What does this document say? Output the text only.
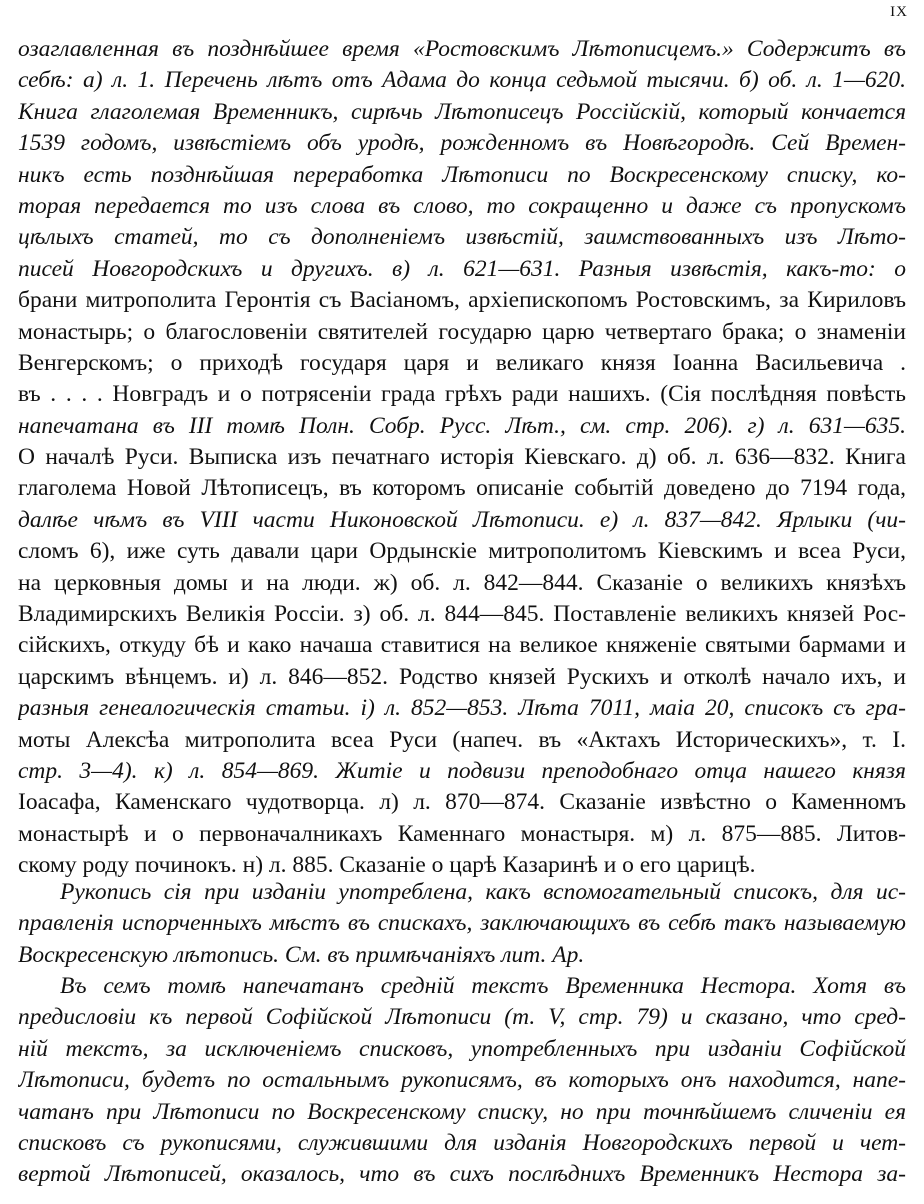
IX
озаглавленная въ позднѣйшее время «Ростовскимъ Лѣтописцемъ.» Содержитъ въ
себѣ: а) л. 1. Перечень лѣтъ отъ Адама до конца седьмой тысячи. б) об. л. 1—620.
Книга глаголемая Временникъ, сирѣчь Лѣтописецъ Россійскій, который кончается
1539 годомъ, извѣстіемъ объ уродѣ, рожденномъ въ Новѣгородѣ. Сей Времен-
никъ есть позднѣйшая переработка Лѣтописи по Воскресенскому списку, ко-
торая передается то изъ слова въ слово, то сокращенно и даже съ пропускомъ
цѣлыхъ статей, то съ дополненіемъ извѣстій, заимствованныхъ изъ Лѣто-
писей Новгородскихъ и другихъ. в) л. 621—631. Разныя извѣстія, какъ-то: о
брани митрополита Геронтія съ Васіаномъ, архіепископомъ Ростовскимъ, за Кириловъ
монастырь; о благословеніи святителей государю царю четвертаго брака; о знаменіи
Венгерскомъ; о приходѣ государя царя и великаго князя Іоанна Васильевича .
въ . . . . Новградъ и о потрясеніи града грѣхъ ради нашихъ. (Сія послѣдняя повѣсть
напечатана въ III томѣ Полн. Собр. Русс. Лѣт., см. стр. 206). г) л. 631—635.
О началѣ Руси. Выписка изъ печатнаго исторія Кіевскаго. д) об. л. 636—832. Книга
глаголема Новой Лѣтописецъ, въ которомъ описаніе событій доведено до 7194 года,
далѣе чѣмъ въ VIII части Никоновской Лѣтописи. е) л. 837—842. Ярлыки (чи-
сломъ 6), иже суть давали цари Ордынскіе митрополитомъ Кіевскимъ и всеа Руси,
на церковныя домы и на люди. ж) об. л. 842—844. Сказаніе о великихъ князѣхъ
Владимирскихъ Великія Россіи. з) об. л. 844—845. Поставленіе великихъ князей Рос-
сійскихъ, откуду бѣ и како начаша ставитися на великое княженіе святыми бармами и
царскимъ вѣнцемъ. и) л. 846—852. Родство князей Рускихъ и отколѣ начало ихъ, и
разныя генеалогическія статьи. і) л. 852—853. Лѣта 7011, маіа 20, списокъ съ гра-
моты Алексѣа митрополита всеа Руси (напеч. въ «Актахъ Историческихъ», т. I.
стр. 3—4). к) л. 854—869. Житіе и подвизи преподобнаго отца нашего князя
Іоасафа, Каменскаго чудотворца. л) л. 870—874. Сказаніе извѣстно о Каменномъ
монастырѣ и о первоначалникахъ Каменнаго монастыря. м) л. 875—885. Литов-
скому роду починокъ. н) л. 885. Сказаніе о царѣ Казаринѣ и о его царицѣ.
Рукопись сія при изданіи употреблена, какъ вспомогательный списокъ, для ис-
правленія испорченныхъ мѣстъ въ спискахъ, заключающихъ въ себѣ такъ называемую
Воскресенскую лѣтопись. См. въ примѣчаніяхъ лит. Ар.
Въ семъ томѣ напечатанъ средній текстъ Временника Нестора. Хотя въ
предисловіи къ первой Софійской Лѣтописи (т. V, стр. 79) и сказано, что сред-
ній текстъ, за исключеніемъ списковъ, употребленныхъ при изданіи Софійской
Лѣтописи, будетъ по остальнымъ рукописямъ, въ которыхъ онъ находится, напе-
чатанъ при Лѣтописи по Воскресенскому списку, но при точнѣйшемъ сличеніи ея
списковъ съ рукописями, служившими для изданія Новгородскихъ первой и чет-
вертой Лѣтописей, оказалось, что въ сихъ послѣднихъ Временникъ Нестора за-
